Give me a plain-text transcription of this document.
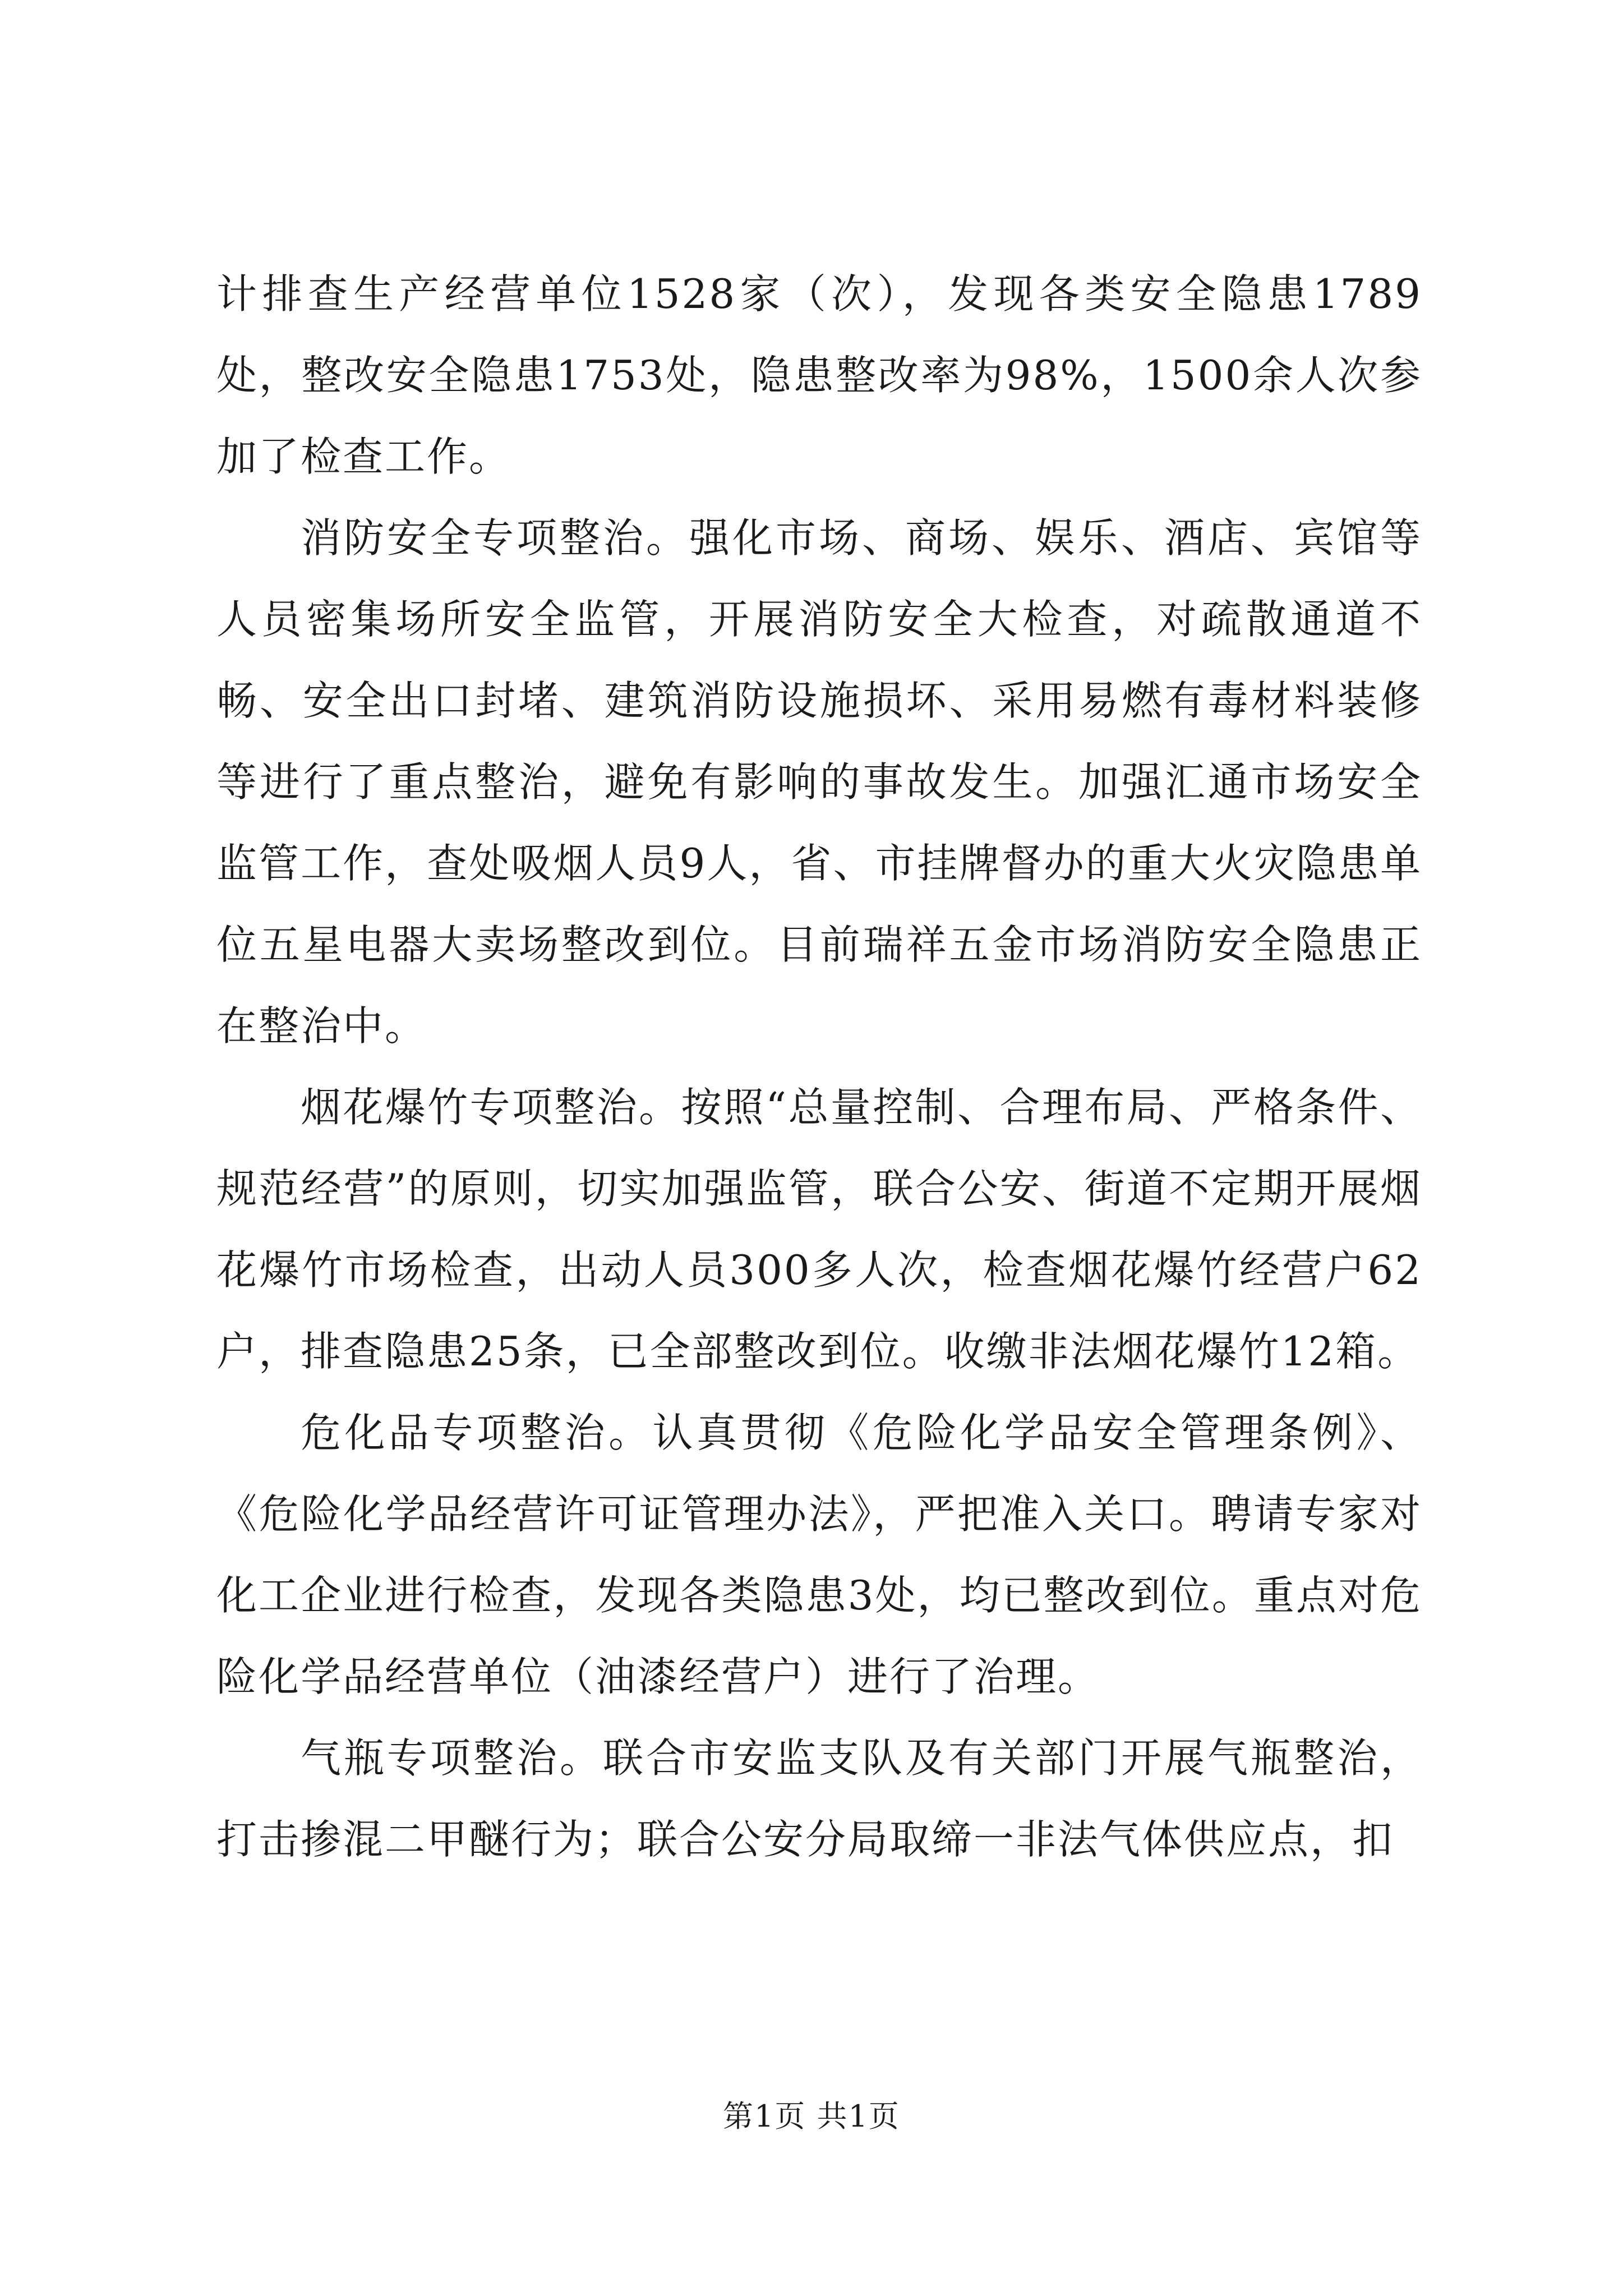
计排查生产经营单位1528家（次），发现各类安全隐患1789处，整改安全隐患1753处，隐患整改率为98%，1500余人次参加了检查工作。

消防安全专项整治。强化市场、商场、娱乐、酒店、宾馆等人员密集场所安全监管，开展消防安全大检查，对疏散通道不畅、安全出口封堵、建筑消防设施损坏、采用易燃有毒材料装修等进行了重点整治，避免有影响的事故发生。加强汇通市场安全监管工作，查处吸烟人员9人，省、市挂牌督办的重大火灾隐患单位五星电器大卖场整改到位。目前瑞祥五金市场消防安全隐患正在整治中。

烟花爆竹专项整治。按照“总量控制、合理布局、严格条件、规范经营”的原则，切实加强监管，联合公安、街道不定期开展烟花爆竹市场检查，出动人员300多人次，检查烟花爆竹经营户62户，排查隐患25条，已全部整改到位。收缴非法烟花爆竹12箱。

危化品专项整治。认真贯彻《危险化学品安全管理条例》、《危险化学品经营许可证管理办法》，严把准入关口。聘请专家对化工企业进行检查，发现各类隐患3处，均已整改到位。重点对危险化学品经营单位（油漆经营户）进行了治理。

气瓶专项整治。联合市安监支队及有关部门开展气瓶整治，打击掺混二甲醚行为；联合公安分局取缔一非法气体供应点，扣

第1页 共1页
